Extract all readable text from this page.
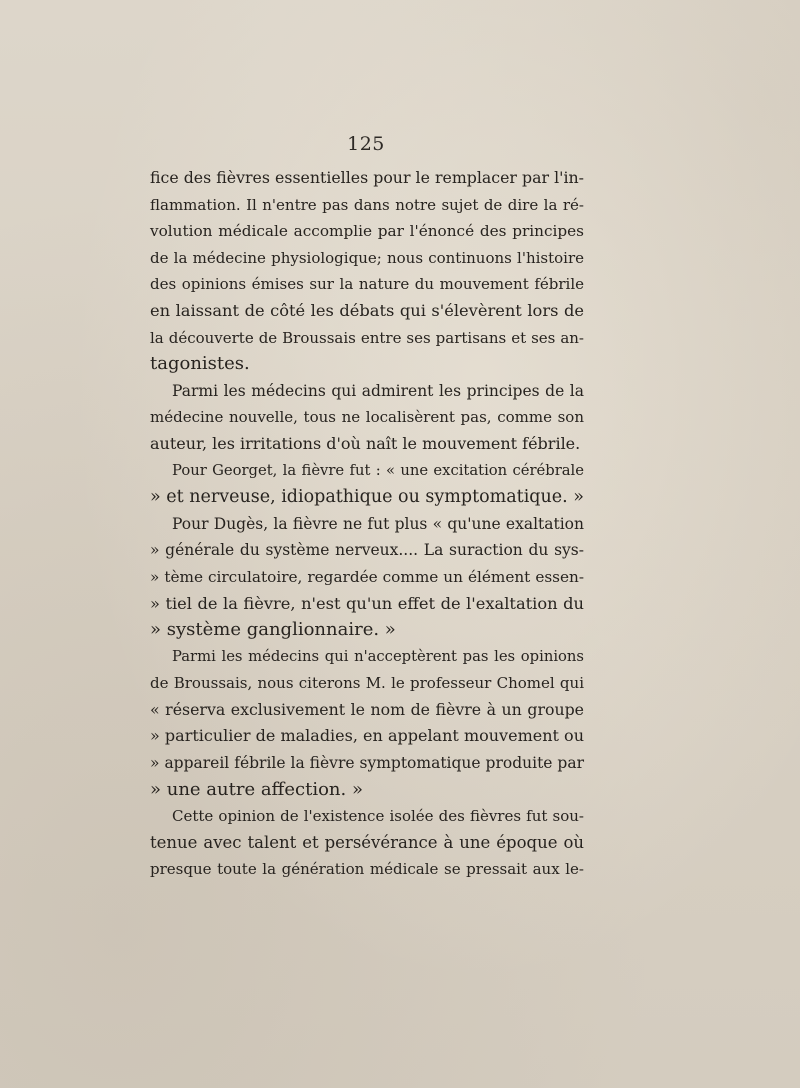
125
fice des fièvres essentielles pour le remplacer par l'in-
flammation. Il n'entre pas dans notre sujet de dire la ré-
volution médicale accomplie par l'énoncé des principes
de la médecine physiologique; nous continuons l'histoire
des opinions émises sur la nature du mouvement fébrile
en laissant de côté les débats qui s'élevèrent lors de
la découverte de Broussais entre ses partisans et ses an-
tagonistes.
Parmi les médecins qui admirent les principes de la
médecine nouvelle, tous ne localisèrent pas, comme son
auteur, les irritations d'où naît le mouvement fébrile.
Pour Georget, la fièvre fut : « une excitation cérébrale
» et nerveuse, idiopathique ou symptomatique. »
Pour Dugès, la fièvre ne fut plus « qu'une exaltation
» générale du système nerveux.... La suraction du sys-
» tème circulatoire, regardée comme un élément essen-
» tiel de la fièvre, n'est qu'un effet de l'exaltation du
» système ganglionnaire. »
Parmi les médecins qui n'acceptèrent pas les opinions
de Broussais, nous citerons M. le professeur Chomel qui
« réserva exclusivement le nom de fièvre à un groupe
» particulier de maladies, en appelant mouvement ou
» appareil fébrile la fièvre symptomatique produite par
» une autre affection. »
Cette opinion de l'existence isolée des fièvres fut sou-
tenue avec talent et persévérance à une époque où
presque toute la génération médicale se pressait aux le-
